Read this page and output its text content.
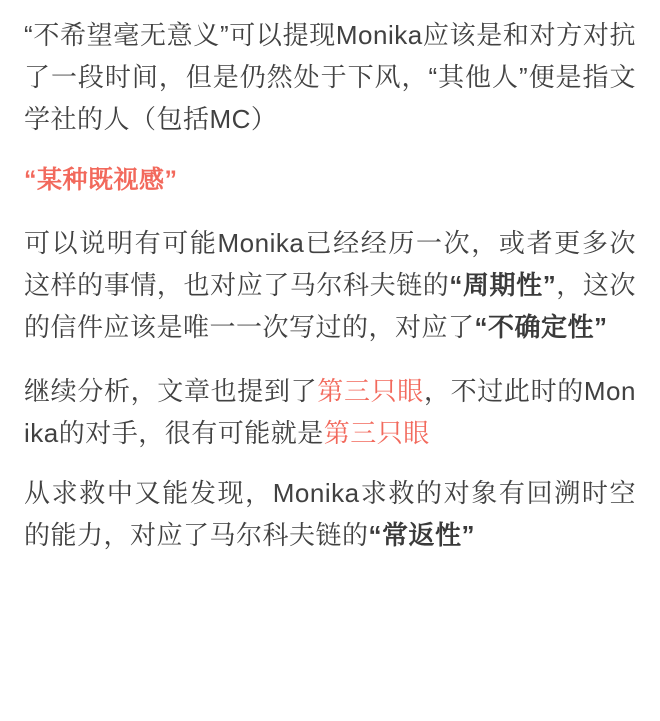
“不希望毫无意义”可以提现Monika应该是和对方对抗了一段时间，但是仍然处于下风，“其他人”便是指文学社的人（包括MC）

“某种既视感”

可以说明有可能Monika已经经历一次，或者更多次这样的事情，也对应了马尔科夫链的“周期性”，这次的信件应该是唯一一次写过的，对应了“不确定性”

继续分析，文章也提到了第三只眼，不过此时的Monika的对手，很有可能就是第三只眼

从求救中又能发现，Monika求救的对象有回溯时空的能力，对应了马尔科夫链的“常返性”
